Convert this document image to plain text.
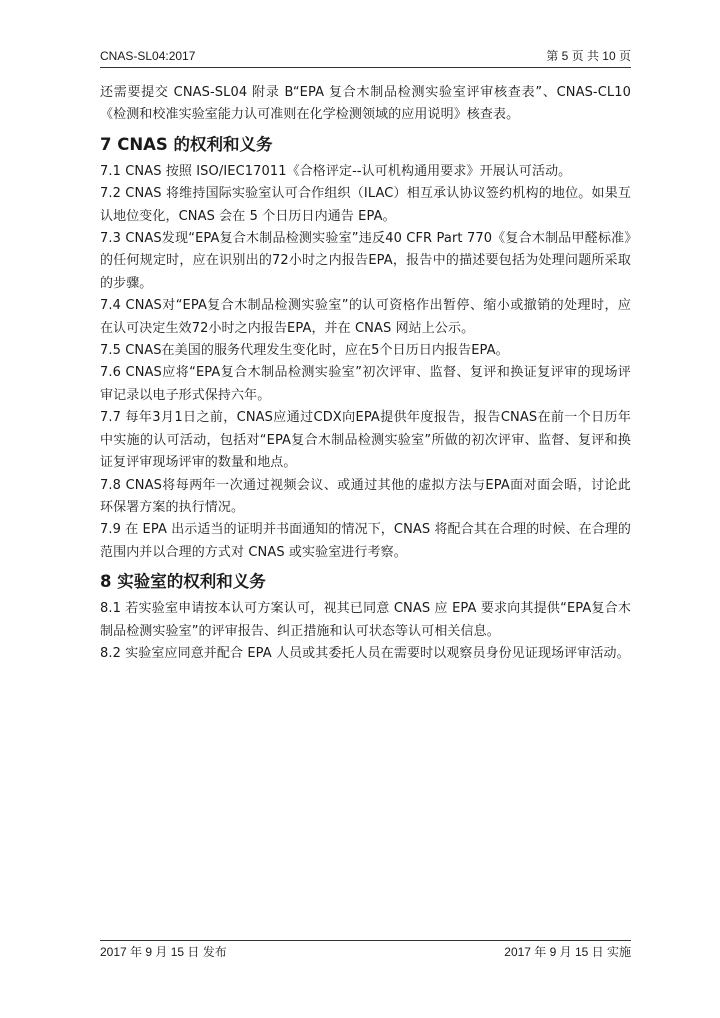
CNAS-SL04:2017	第 5 页 共 10 页

还需要提交 CNAS-SL04 附录 B“EPA 复合木制品检测实验室评审核查表”、CNAS-CL10《检测和校准实验室能力认可准则在化学检测领域的应用说明》核查表。

7 CNAS 的权利和义务

7.1 CNAS 按照 ISO/IEC17011《合格评定--认可机构通用要求》开展认可活动。

7.2 CNAS 将维持国际实验室认可合作组织（ILAC）相互承认协议签约机构的地位。如果互认地位变化，CNAS 会在 5 个日历日内通告 EPA。

7.3 CNAS发现“EPA复合木制品检测实验室”违反40 CFR Part 770《复合木制品甲醛标准》的任何规定时，应在识别出的72小时之内报告EPA，报告中的描述要包括为处理问题所采取的步骤。

7.4 CNAS对“EPA复合木制品检测实验室”的认可资格作出暂停、缩小或撤销的处理时，应在认可决定生效72小时之内报告EPA，并在 CNAS 网站上公示。

7.5 CNAS在美国的服务代理发生变化时，应在5个日历日内报告EPA。

7.6 CNAS应将“EPA复合木制品检测实验室”初次评审、监督、复评和换证复评审的现场评审记录以电子形式保持六年。

7.7 每年3月1日之前，CNAS应通过CDX向EPA提供年度报告，报告CNAS在前一个日历年中实施的认可活动，包括对“EPA复合木制品检测实验室”所做的初次评审、监督、复评和换证复评审现场评审的数量和地点。

7.8 CNAS将每两年一次通过视频会议、或通过其他的虚拟方法与EPA面对面会晤，讨论此环保署方案的执行情况。

7.9 在 EPA 出示适当的证明并书面通知的情况下，CNAS 将配合其在合理的时候、在合理的范围内并以合理的方式对 CNAS 或实验室进行考察。

8 实验室的权利和义务

8.1 若实验室申请按本认可方案认可，视其已同意 CNAS 应 EPA 要求向其提供“EPA复合木制品检测实验室”的评审报告、纠正措施和认可状态等认可相关信息。

8.2 实验室应同意并配合 EPA 人员或其委托人员在需要时以观察员身份见证现场评审活动。

2017 年 9 月 15 日 发布	2017 年 9 月 15 日 实施
